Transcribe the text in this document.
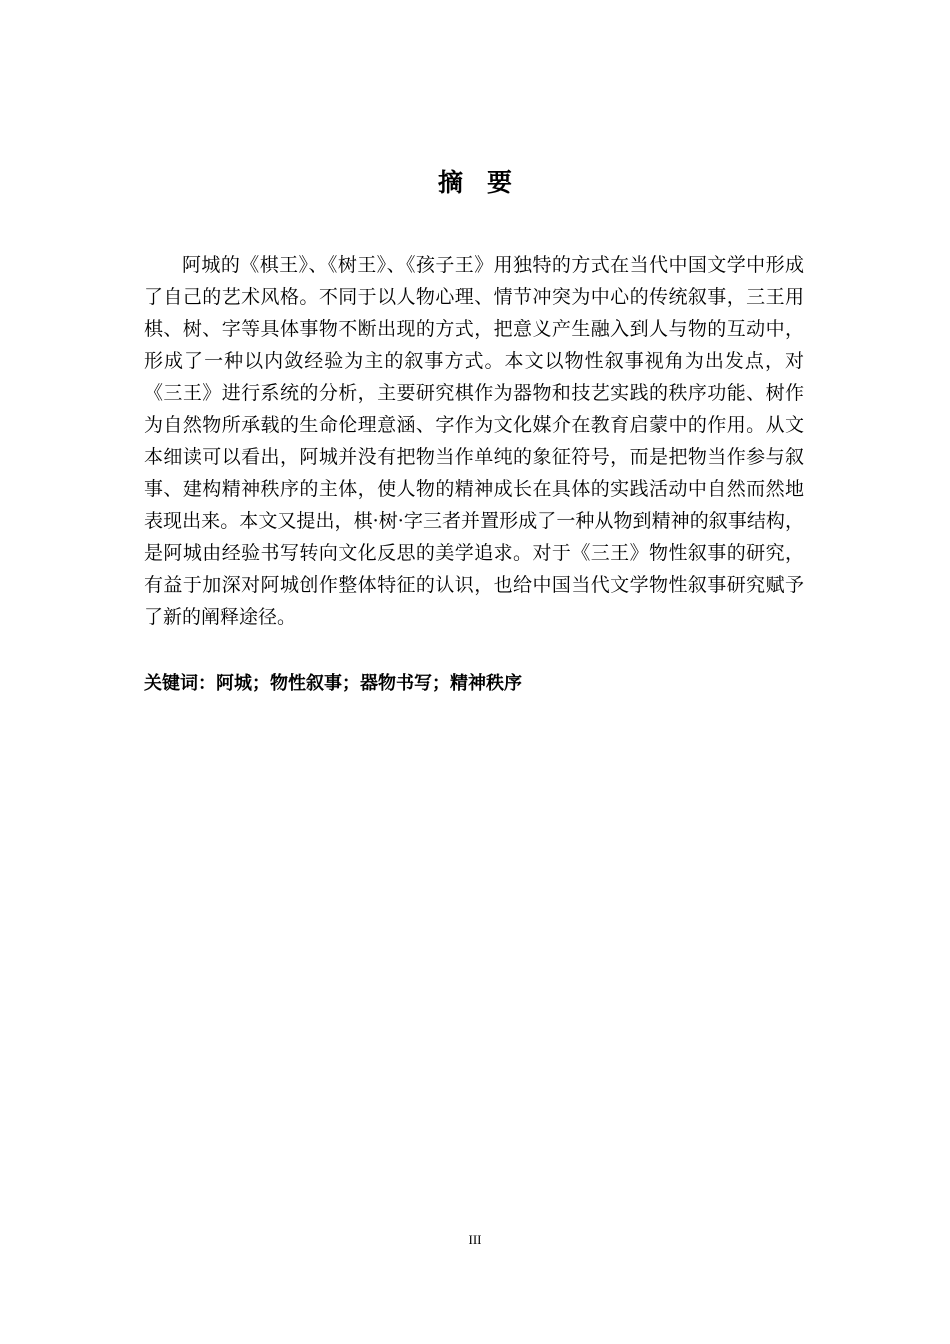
摘要

阿城的《棋王》、《树王》、《孩子王》用独特的方式在当代中国文学中形成了自己的艺术风格。不同于以人物心理、情节冲突为中心的传统叙事，三王用棋、树、字等具体事物不断出现的方式，把意义产生融入到人与物的互动中，形成了一种以内敛经验为主的叙事方式。本文以物性叙事视角为出发点，对《三王》进行系统的分析，主要研究棋作为器物和技艺实践的秩序功能、树作为自然物所承载的生命伦理意涵、字作为文化媒介在教育启蒙中的作用。从文本细读可以看出，阿城并没有把物当作单纯的象征符号，而是把物当作参与叙事、建构精神秩序的主体，使人物的精神成长在具体的实践活动中自然而然地表现出来。本文又提出，棋·树·字三者并置形成了一种从物到精神的叙事结构，是阿城由经验书写转向文化反思的美学追求。对于《三王》物性叙事的研究，有益于加深对阿城创作整体特征的认识，也给中国当代文学物性叙事研究赋予了新的阐释途径。

关键词：阿城；物性叙事；器物书写；精神秩序
III
